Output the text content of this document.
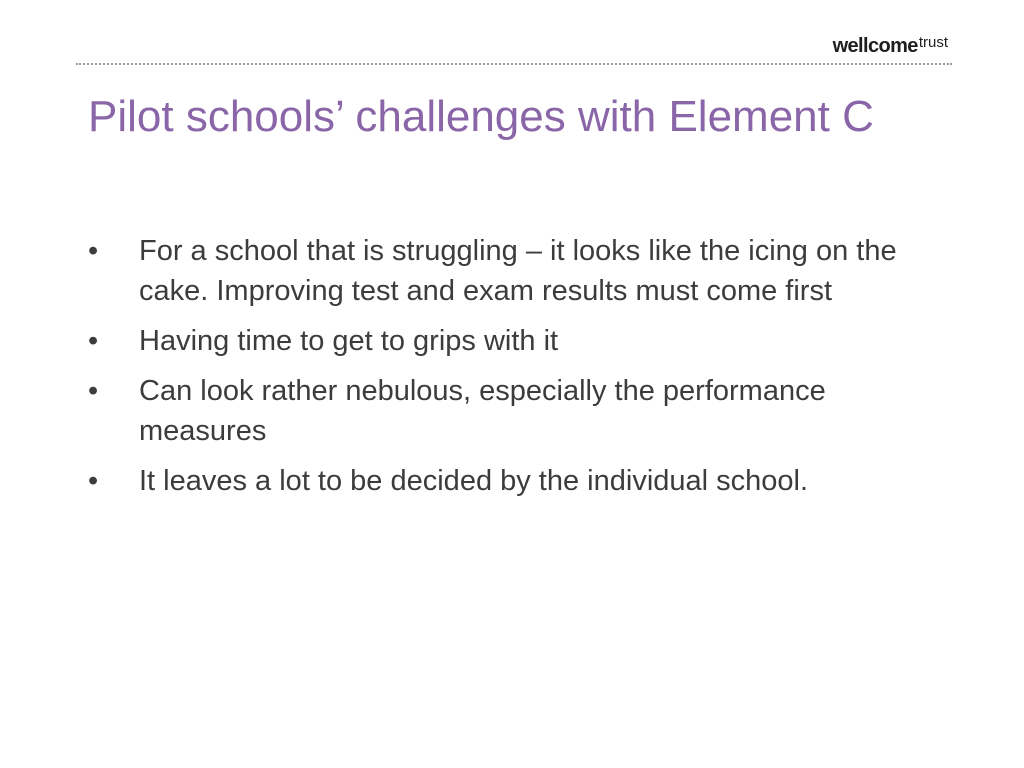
wellcome trust
Pilot schools’ challenges with Element C
•	For a school that is struggling – it looks like the icing on the cake. Improving test and exam results must come first
•	Having time to get to grips with it
•	Can look rather nebulous, especially the performance measures
•	It leaves a lot to be decided by the individual school.
